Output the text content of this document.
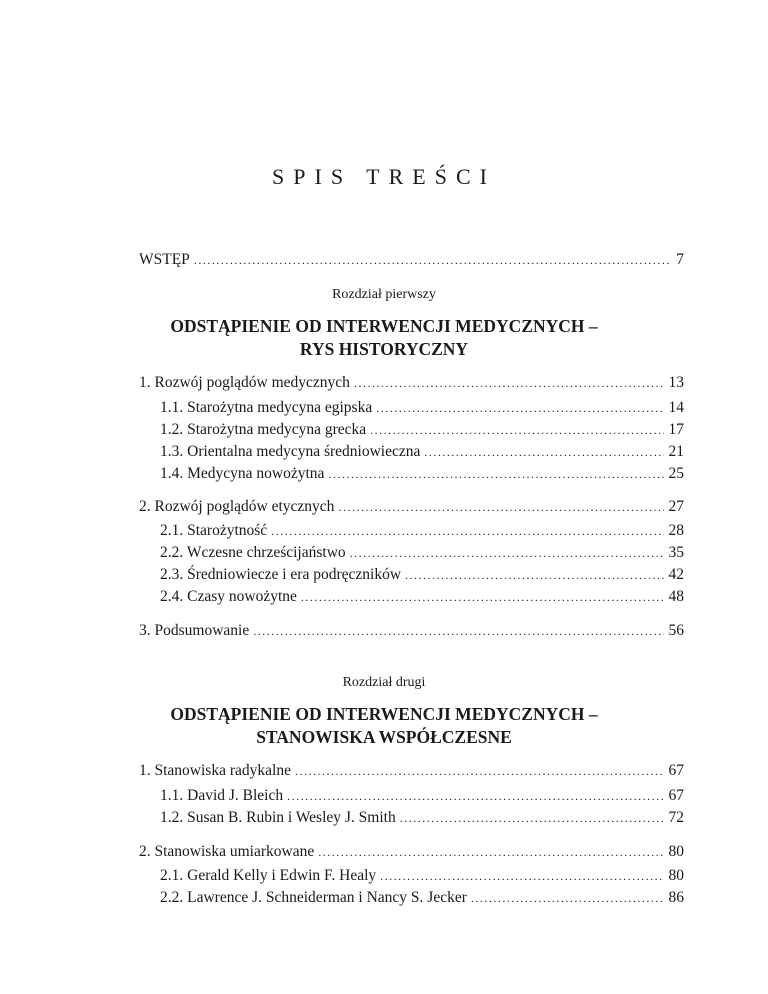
SPIS TREŚCI
WSTĘP .....	7
Rozdział pierwszy
ODSTĄPIENIE OD INTERWENCJI MEDYCZNYCH –
RYS HISTORYCZNY
1. Rozwój poglądów medycznych .....	13
1.1. Starożytna medycyna egipska .....	14
1.2. Starożytna medycyna grecka .....	17
1.3. Orientalna medycyna średniowieczna .....	21
1.4. Medycyna nowożytna .....	25
2. Rozwój poglądów etycznych .....	27
2.1. Starożytność .....	28
2.2. Wczesne chrześcijaństwo .....	35
2.3. Średniowiecze i era podręczników .....	42
2.4. Czasy nowożytne .....	48
3. Podsumowanie .....	56
Rozdział drugi
ODSTĄPIENIE OD INTERWENCJI MEDYCZNYCH –
STANOWISKA WSPÓŁCZESNE
1. Stanowiska radykalne .....	67
1.1. David J. Bleich .....	67
1.2. Susan B. Rubin i Wesley J. Smith .....	72
2. Stanowiska umiarkowane .....	80
2.1. Gerald Kelly i Edwin F. Healy .....	80
2.2. Lawrence J. Schneiderman i Nancy S. Jecker .....	86
